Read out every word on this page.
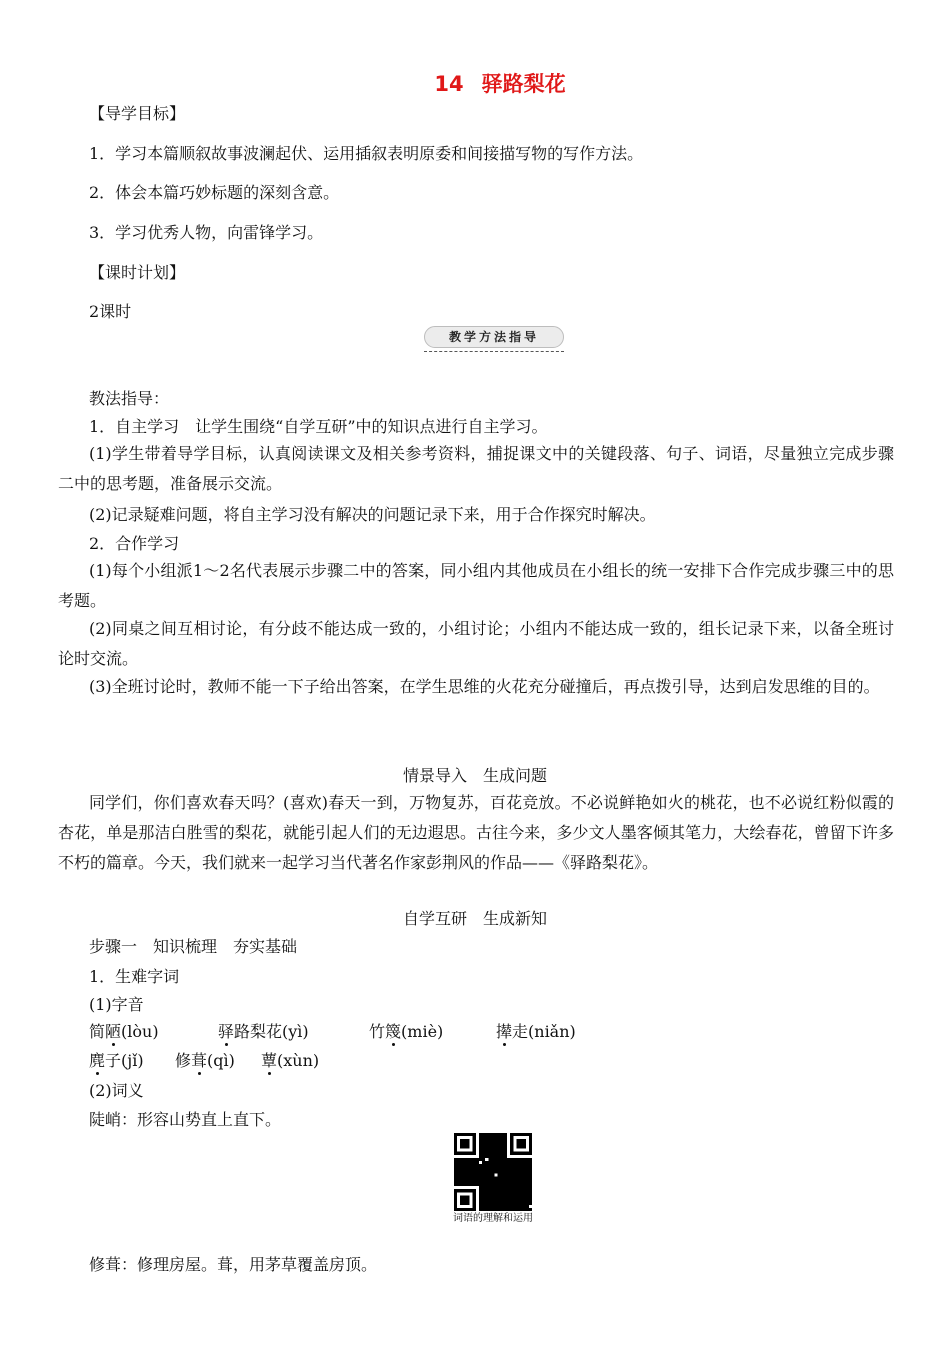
14 驿路梨花
【导学目标】
1．学习本篇顺叙故事波澜起伏、运用插叙表明原委和间接描写物的写作方法。
2．体会本篇巧妙标题的深刻含意。
3．学习优秀人物，向雷锋学习。
【课时计划】
2课时
教学方法指导
教法指导：
1．自主学习　让学生围绕“自学互研”中的知识点进行自主学习。
(1)学生带着导学目标，认真阅读课文及相关参考资料，捕捉课文中的关键段落、句子、词语，尽量独立完成步骤二中的思考题，准备展示交流。
(2)记录疑难问题，将自主学习没有解决的问题记录下来，用于合作探究时解决。
2．合作学习
(1)每个小组派1～2名代表展示步骤二中的答案，同小组内其他成员在小组长的统一安排下合作完成步骤三中的思考题。
(2)同桌之间互相讨论，有分歧不能达成一致的，小组讨论；小组内不能达成一致的，组长记录下来，以备全班讨论时交流。
(3)全班讨论时，教师不能一下子给出答案，在学生思维的火花充分碰撞后，再点拨引导，达到启发思维的目的。
情景导入　生成问题
同学们，你们喜欢春天吗？(喜欢)春天一到，万物复苏，百花竞放。不必说鲜艳如火的桃花，也不必说红粉似霞的杏花，单是那洁白胜雪的梨花，就能引起人们的无边遐思。古往今来，多少文人墨客倾其笔力，大绘春花，曾留下许多不朽的篇章。今天，我们就来一起学习当代著名作家彭荆风的作品——《驿路梨花》。
自学互研　生成新知
步骤一　知识梳理　夯实基础
1．生难字词
(1)字音
简陋(lòu)	驿路梨花(yì)	竹篾(miè)	撵走(niǎn)
麂子(jǐ) 修葺(qì) 蕈(xùn)
(2)词义
陡峭：形容山势直上直下。
词语的理解和运用
修葺：修理房屋。葺，用茅草覆盖房顶。
